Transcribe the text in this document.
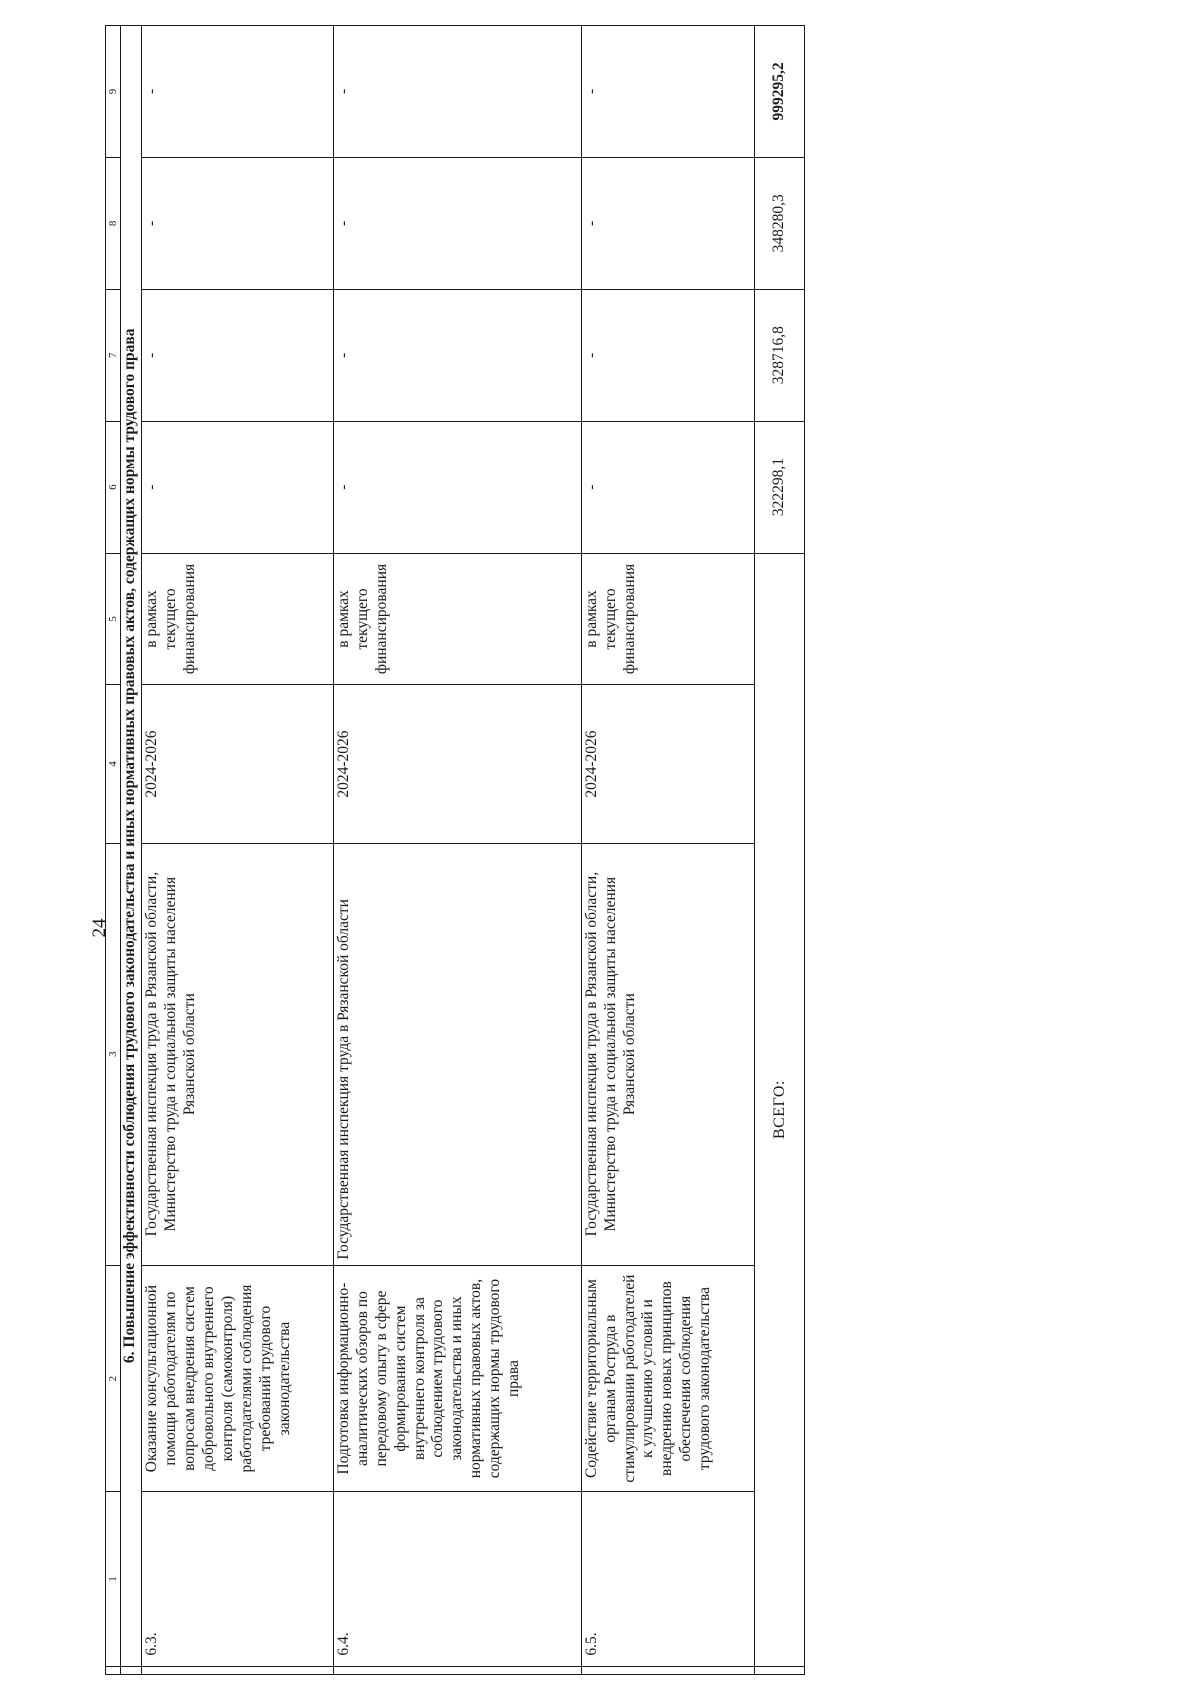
24
	1	2	3	4	5	6	7	8	9
	6. Повышение эффективности соблюдения трудового законодательства и иных нормативных правовых актов, содержащих нормы трудового права								
	6.3.	Оказание консультационной помощи работодателям по вопросам внедрения систем добровольного внутреннего контроля (самоконтроля) работодателями соблюдения требований трудового законодательства	Государственная инспекция труда в Рязанской области, Министерство труда и социальной защиты населения Рязанской области	2024-2026	в рамках текущего финансирования	-	-	-	-
	6.4.	Подготовка информационно-аналитических обзоров по передовому опыту в сфере формирования систем внутреннего контроля за соблюдением трудового законодательства и иных нормативных правовых актов, содержащих нормы трудового права	Государственная инспекция труда в Рязанской области	2024-2026	в рамках текущего финансирования	-	-	-	-
	6.5.	Содействие территориальным органам Роструда в стимулировании работодателей к улучшению условий и внедрению новых принципов обеспечения соблюдения трудового законодательства	Государственная инспекция труда в Рязанской области, Министерство труда и социальной защиты населения Рязанской области	2024-2026	в рамках текущего финансирования	-	-	-	-
	ВСЕГО:					322298,1	328716,8	348280,3	999295,2
